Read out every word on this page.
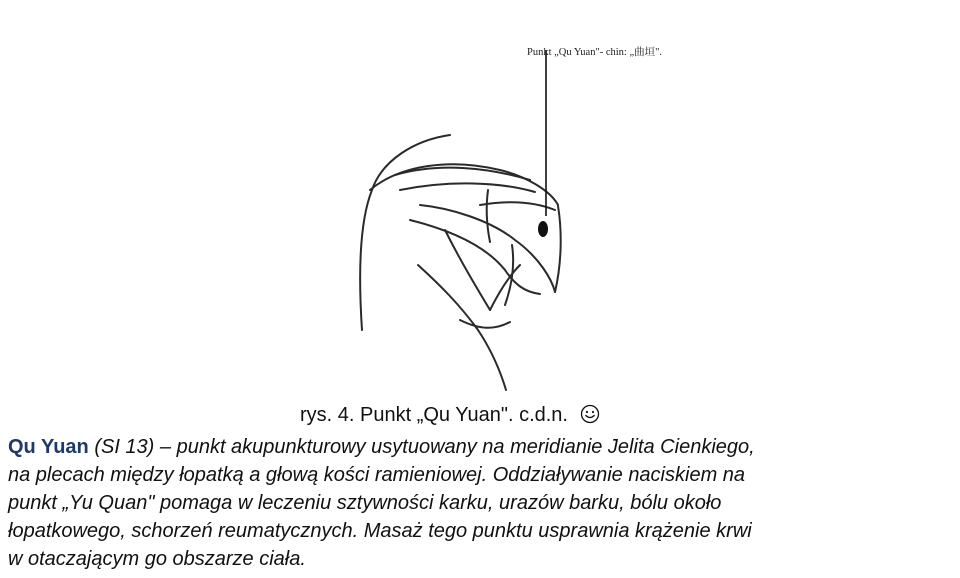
Punkt „Qu Yuan"- chin: „曲垣".
rys. 4. Punkt „Qu Yuan". c.d.n.
Qu Yuan (SI 13) – punkt akupunkturowy usytuowany na meridianie Jelita Cienkiego,
na plecach między łopatką a głową kości ramieniowej. Oddziaływanie naciskiem na
punkt „Yu Quan" pomaga w leczeniu sztywności karku, urazów barku, bólu około
łopatkowego, schorzeń reumatycznych. Masaż tego punktu usprawnia krążenie krwi
w otaczającym go obszarze ciała.
